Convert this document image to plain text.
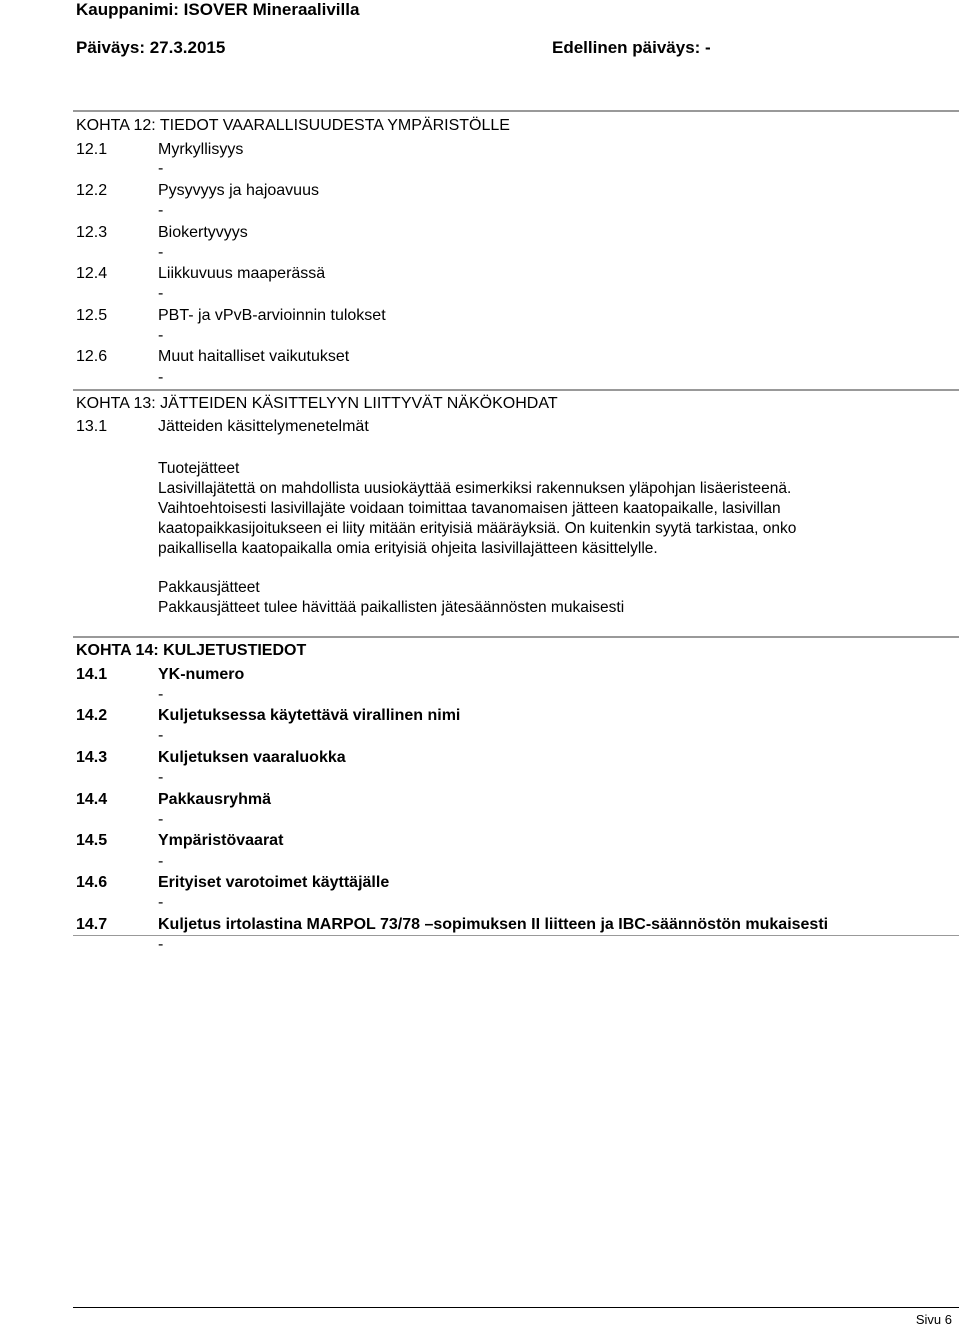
Kauppanimi: ISOVER Mineraalivilla
Päiväys: 27.3.2015	Edellinen päiväys: -
KOHTA 12: TIEDOT VAARALLISUUDESTA YMPÄRISTÖLLE
12.1	Myrkyllisyys
-
12.2	Pysyvyys ja hajoavuus
-
12.3	Biokertyvyys
-
12.4	Liikkuvuus maaperässä
-
12.5	PBT- ja vPvB-arvioinnin tulokset
-
12.6	Muut haitalliset vaikutukset
-
KOHTA 13: JÄTTEIDEN KÄSITTELYYN LIITTYVÄT NÄKÖKOHDAT
13.1	Jätteiden käsittelymenetelmät
Tuotejätteet
Lasivillajätettä on mahdollista uusiokäyttää esimerkiksi rakennuksen yläpohjan lisäeristeenä.
Vaihtoehtoisesti lasivillajäte voidaan toimittaa tavanomaisen jätteen kaatopaikalle, lasivillan
kaatopaikkasijoitukseen ei liity mitään erityisiä määräyksiä. On kuitenkin syytä tarkistaa, onko
paikallisella kaatopaikalla omia erityisiä ohjeita lasivillajätteen käsittelylle.
Pakkausjätteet
Pakkausjätteet tulee hävittää paikallisten jätesäännösten mukaisesti
KOHTA 14: KULJETUSTIEDOT
14.1	YK-numero
-
14.2	Kuljetuksessa käytettävä virallinen nimi
-
14.3	Kuljetuksen vaaraluokka
-
14.4	Pakkausryhmä
-
14.5	Ympäristövaarat
-
14.6	Erityiset varotoimet käyttäjälle
-
14.7	Kuljetus irtolastina MARPOL 73/78 –sopimuksen II liitteen ja IBC-säännöstön mukaisesti
-
Sivu 6
